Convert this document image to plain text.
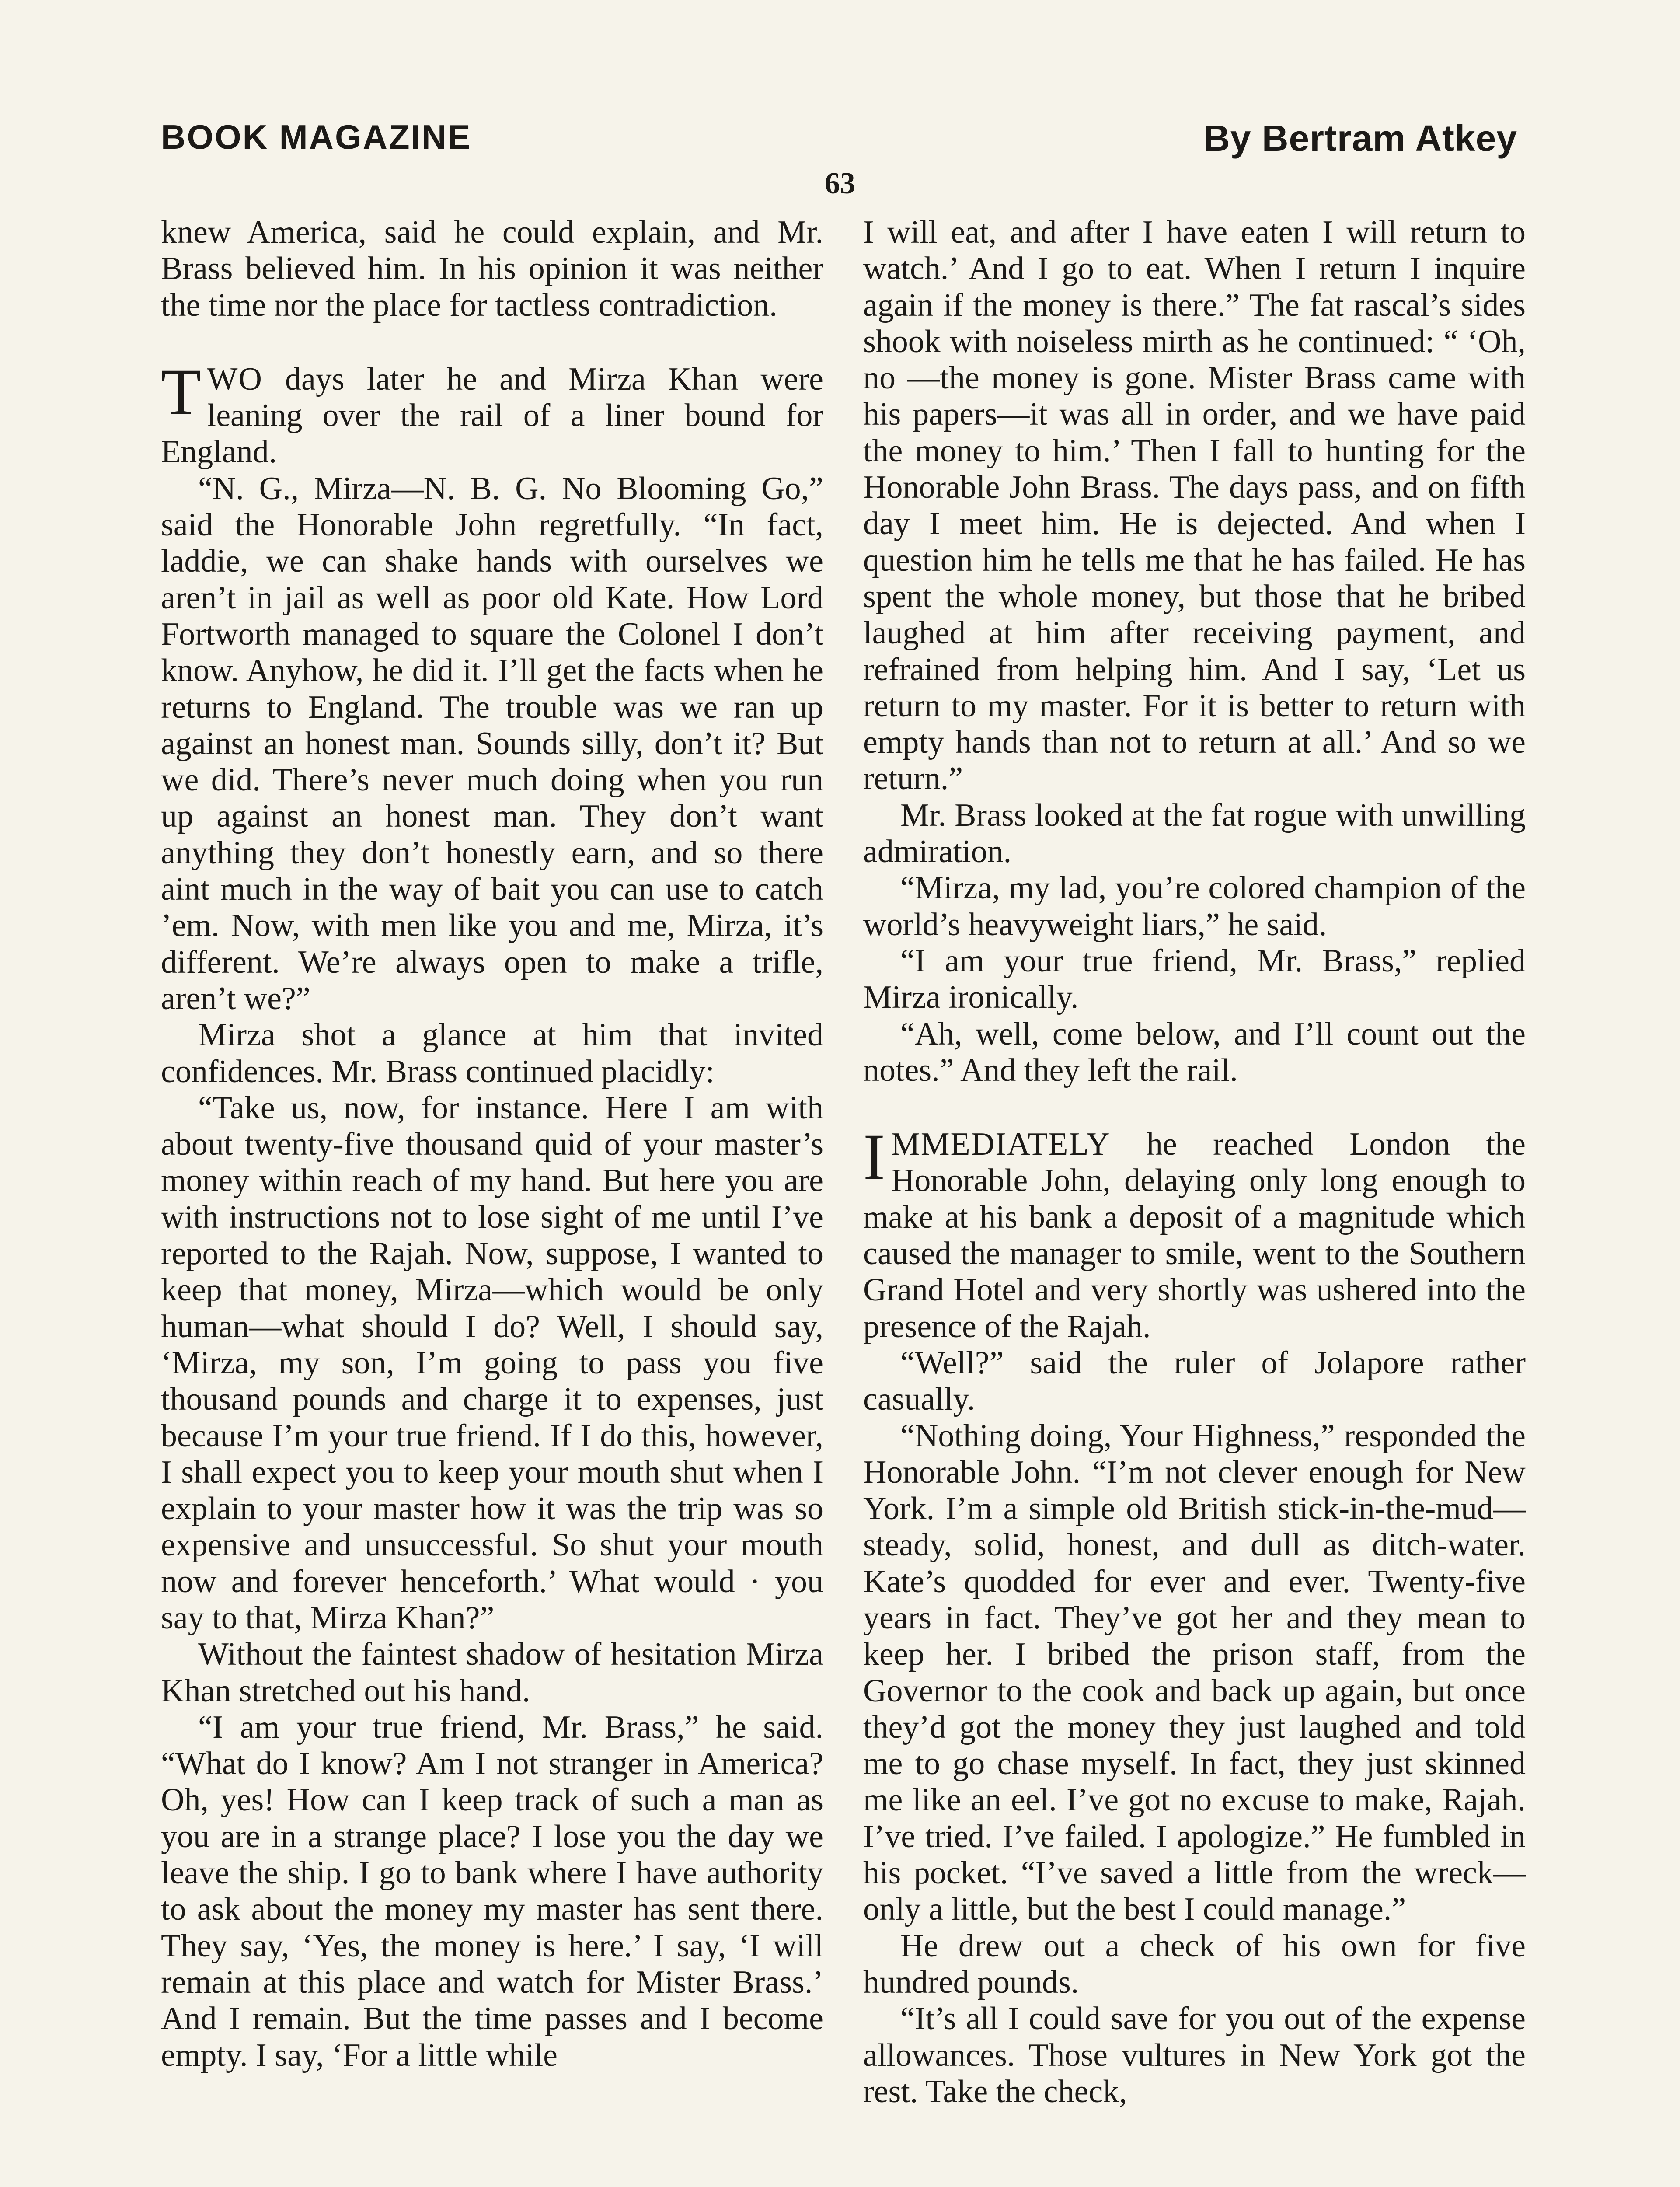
BOOK MAGAZINE	By Bertram Atkey
63

knew America, said he could explain, and Mr. Brass believed him. In his opinion it was neither the time nor the place for tactless contradiction.

TWO days later he and Mirza Khan were leaning over the rail of a liner bound for England.

“N. G., Mirza—N. B. G. No Blooming Go,” said the Honorable John regretfully. “In fact, laddie, we can shake hands with ourselves we aren’t in jail as well as poor old Kate. How Lord Fortworth managed to square the Colonel I don’t know. Anyhow, he did it. I’ll get the facts when he returns to England. The trouble was we ran up against an honest man. Sounds silly, don’t it? But we did. There’s never much doing when you run up against an honest man. They don’t want anything they don’t honestly earn, and so there aint much in the way of bait you can use to catch ’em. Now, with men like you and me, Mirza, it’s different. We’re always open to make a trifle, aren’t we?”

Mirza shot a glance at him that invited confidences. Mr. Brass continued placidly:

“Take us, now, for instance. Here I am with about twenty-five thousand quid of your master’s money within reach of my hand. But here you are with instructions not to lose sight of me until I’ve reported to the Rajah. Now, suppose, I wanted to keep that money, Mirza—which would be only human—what should I do? Well, I should say, ‘Mirza, my son, I’m going to pass you five thousand pounds and charge it to expenses, just because I’m your true friend. If I do this, however, I shall expect you to keep your mouth shut when I explain to your master how it was the trip was so expensive and unsuccessful. So shut your mouth now and forever henceforth.’ What would · you say to that, Mirza Khan?”

Without the faintest shadow of hesitation Mirza Khan stretched out his hand.

“I am your true friend, Mr. Brass,” he said. “What do I know? Am I not stranger in America? Oh, yes! How can I keep track of such a man as you are in a strange place? I lose you the day we leave the ship. I go to bank where I have authority to ask about the money my master has sent there. They say, ‘Yes, the money is here.’ I say, ‘I will remain at this place and watch for Mister Brass.’ And I remain. But the time passes and I become empty. I say, ‘For a little while

I will eat, and after I have eaten I will return to watch.’ And I go to eat. When I return I inquire again if the money is there.” The fat rascal’s sides shook with noiseless mirth as he continued: “ ‘Oh, no —the money is gone. Mister Brass came with his papers—it was all in order, and we have paid the money to him.’ Then I fall to hunting for the Honorable John Brass. The days pass, and on fifth day I meet him. He is dejected. And when I question him he tells me that he has failed. He has spent the whole money, but those that he bribed laughed at him after receiving payment, and refrained from helping him. And I say, ‘Let us return to my master. For it is better to return with empty hands than not to return at all.’ And so we return.”

Mr. Brass looked at the fat rogue with unwilling admiration.

“Mirza, my lad, you’re colored champion of the world’s heavyweight liars,” he said.

“I am your true friend, Mr. Brass,” replied Mirza ironically.

“Ah, well, come below, and I’ll count out the notes.” And they left the rail.

IMMEDIATELY he reached London the Honorable John, delaying only long enough to make at his bank a deposit of a magnitude which caused the manager to smile, went to the Southern Grand Hotel and very shortly was ushered into the presence of the Rajah.

“Well?” said the ruler of Jolapore rather casually.

“Nothing doing, Your Highness,” responded the Honorable John. “I’m not clever enough for New York. I’m a simple old British stick-in-the-mud—steady, solid, honest, and dull as ditch-water. Kate’s quodded for ever and ever. Twenty-five years in fact. They’ve got her and they mean to keep her. I bribed the prison staff, from the Governor to the cook and back up again, but once they’d got the money they just laughed and told me to go chase myself. In fact, they just skinned me like an eel. I’ve got no excuse to make, Rajah. I’ve tried. I’ve failed. I apologize.” He fumbled in his pocket. “I’ve saved a little from the wreck—only a little, but the best I could manage.”

He drew out a check of his own for five hundred pounds.

“It’s all I could save for you out of the expense allowances. Those vultures in New York got the rest. Take the check,
